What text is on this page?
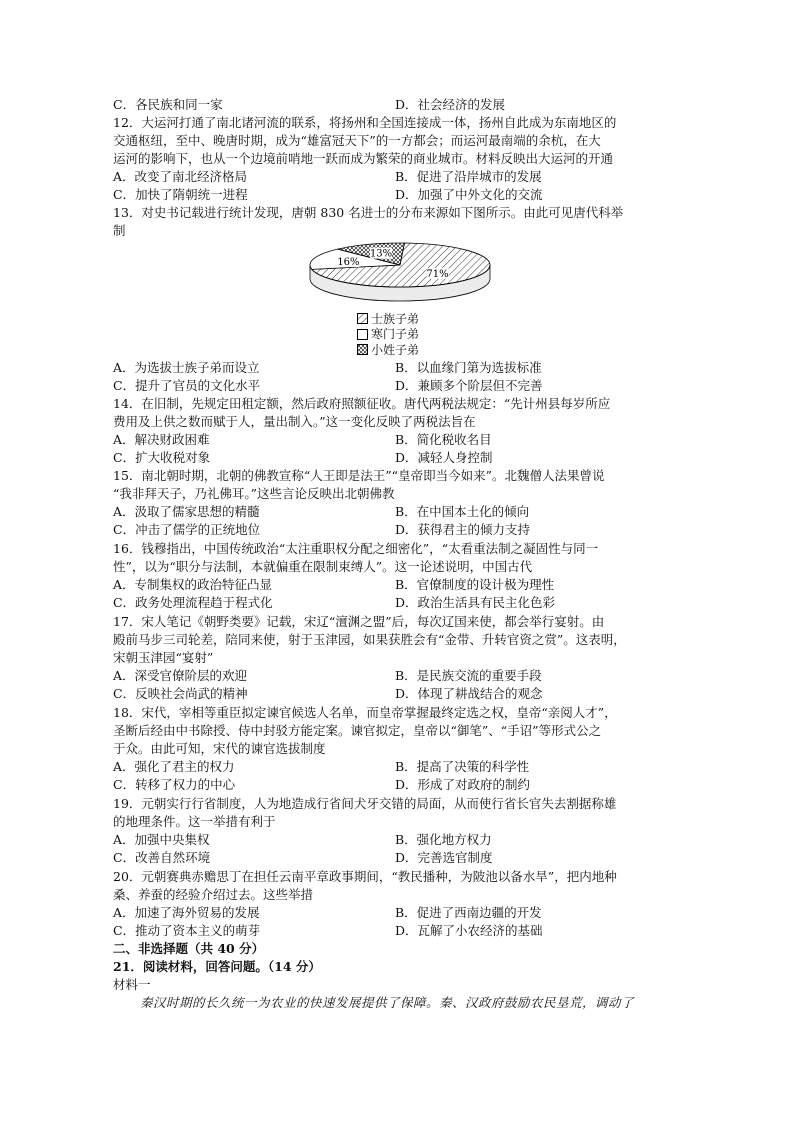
C．各民族和同一家	D．社会经济的发展
12．大运河打通了南北诸河流的联系，将扬州和全国连接成一体，扬州自此成为东南地区的
交通枢纽，至中、晚唐时期，成为“雄富冠天下”的一方都会；而运河最南端的余杭，在大
运河的影响下，也从一个边境前哨地一跃而成为繁荣的商业城市。材料反映出大运河的开通
A．改变了南北经济格局	B．促进了沿岸城市的发展
C．加快了隋朝统一进程	D．加强了中外文化的交流
13．对史书记载进行统计发现，唐朝 830 名进士的分布来源如下图所示。由此可见唐代科举
制
71%
16%
13%
士族子弟
寒门子弟
小姓子弟
A．为选拔士族子弟而设立	B．以血缘门第为选拔标准
C．提升了官员的文化水平	D．兼顾多个阶层但不完善
14．在旧制，先规定田租定额，然后政府照额征收。唐代两税法规定：“先计州县每岁所应
费用及上供之数而赋于人，量出制入。”这一变化反映了两税法旨在
A．解决财政困难	B．简化税收名目
C．扩大收税对象	D．减轻人身控制
15．南北朝时期，北朝的佛教宣称“人王即是法王”“皇帝即当今如来”。北魏僧人法果曾说
“我非拜天子，乃礼佛耳。”这些言论反映出北朝佛教
A．汲取了儒家思想的精髓	B．在中国本土化的倾向
C．冲击了儒学的正统地位	D．获得君主的倾力支持
16．钱穆指出，中国传统政治“太注重职权分配之细密化”，“太看重法制之凝固性与同一
性”，以为“职分与法制，本就偏重在限制束缚人”。这一论述说明，中国古代
A．专制集权的政治特征凸显	B．官僚制度的设计极为理性
C．政务处理流程趋于程式化	D．政治生活具有民主化色彩
17．宋人笔记《朝野类要》记载，宋辽“澶渊之盟”后，每次辽国来使，都会举行宴射。由
殿前马步三司轮差，陪同来使，射于玉津园，如果获胜会有“金带、升转官资之赏”。这表明，
宋朝玉津园“宴射”
A．深受官僚阶层的欢迎	B．是民族交流的重要手段
C．反映社会尚武的精神	D．体现了耕战结合的观念
18．宋代，宰相等重臣拟定谏官候选人名单，而皇帝掌握最终定选之权，皇帝“亲阅人才”，
圣断后经由中书除授、侍中封驳方能定案。谏官拟定，皇帝以“御笔”、“手诏”等形式公之
于众。由此可知，宋代的谏官选拔制度
A．强化了君主的权力	B．提高了决策的科学性
C．转移了权力的中心	D．形成了对政府的制约
19．元朝实行行省制度，人为地造成行省间犬牙交错的局面，从而使行省长官失去割据称雄
的地理条件。这一举措有利于
A．加强中央集权	B．强化地方权力
C．改善自然环境	D．完善选官制度
20．元朝赛典赤赡思丁在担任云南平章政事期间，“教民播种，为陂池以备水旱”，把内地种
桑、养蚕的经验介绍过去。这些举措
A．加速了海外贸易的发展	B．促进了西南边疆的开发
C．推动了资本主义的萌芽	D．瓦解了小农经济的基础
二、非选择题（共 40 分）
21．阅读材料，回答问题。（14 分）
材料一
秦汉时期的长久统一为农业的快速发展提供了保障。秦、汉政府鼓励农民垦荒，调动了
